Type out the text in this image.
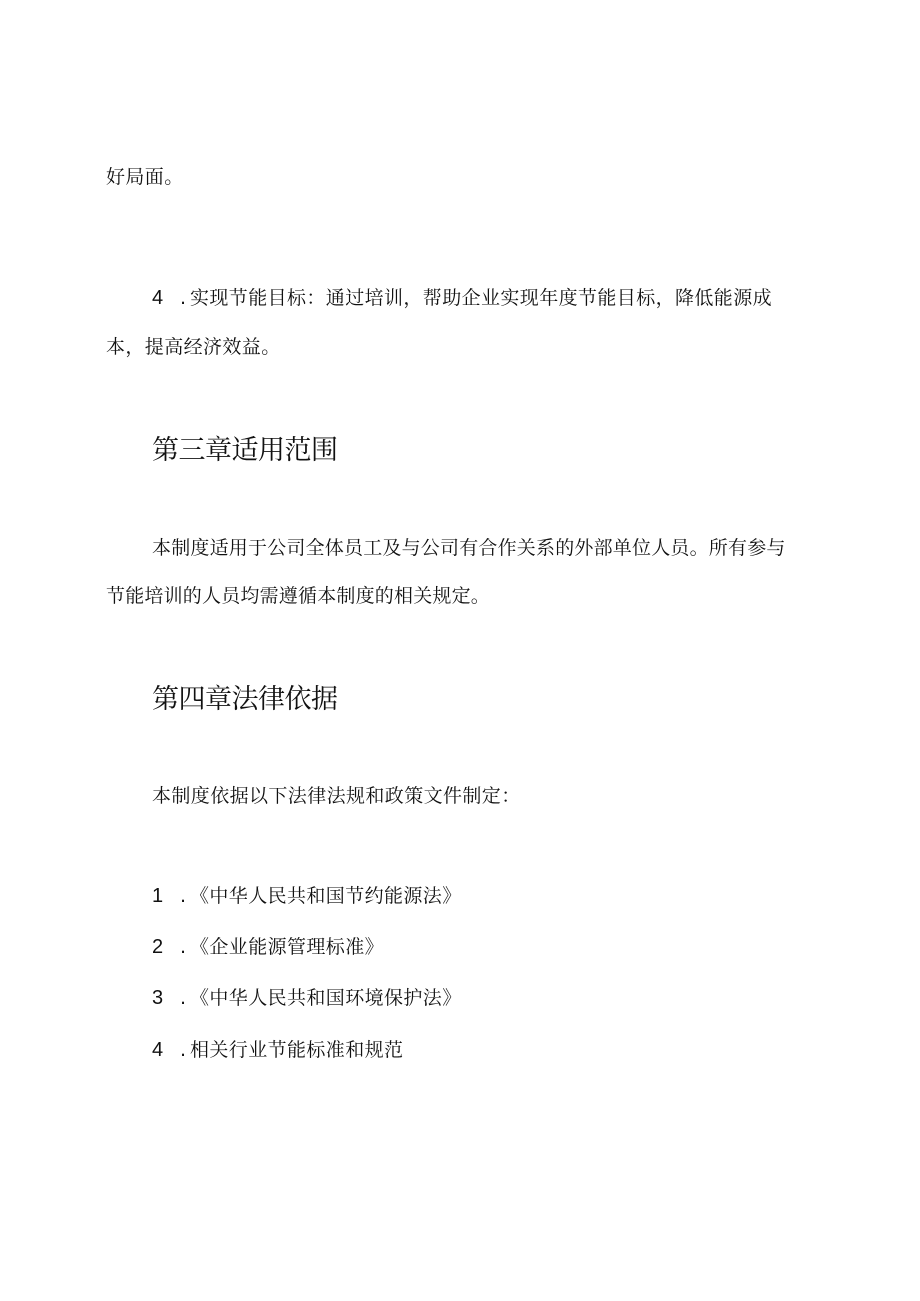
好局面。
4 . 实现节能目标：通过培训，帮助企业实现年度节能目标，降低能源成
本，提高经济效益。
第三章适用范围
本制度适用于公司全体员工及与公司有合作关系的外部单位人员。所有参与
节能培训的人员均需遵循本制度的相关规定。
第四章法律依据
本制度依据以下法律法规和政策文件制定：
1 . 《中华人民共和国节约能源法》
2 . 《企业能源管理标准》
3 . 《中华人民共和国环境保护法》
4 . 相关行业节能标准和规范
